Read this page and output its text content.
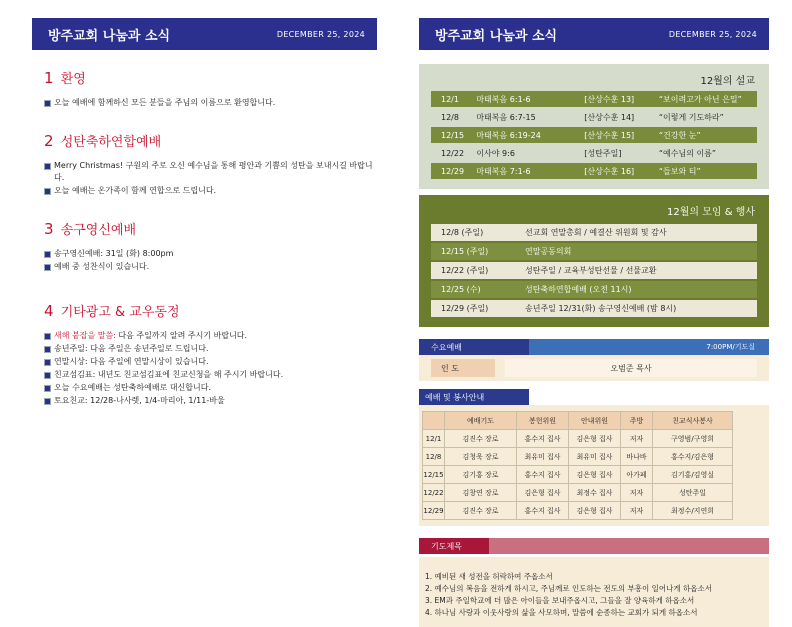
방주교회 나눔과 소식	DECEMBER 25, 2024
1 환영
오늘 예배에 함께하신 모든 분들을 주님의 이름으로 환영합니다.
2 성탄축하연합예배
Merry Christmas! 구원의 주로 오신 예수님을 통해 평안과 기쁨의 성탄을 보내시길 바랍니다.
오늘 예배는 온가족이 함께 연합으로 드립니다.
3 송구영신예배
송구영신예배: 31일 (화) 8:00pm
예배 중 성찬식이 있습니다.
4 기타광고 & 교우동정
새해 붙잡을 말씀: 다음 주일까지 알려 주시기 바랍니다.
송년주일: 다음 주일은 송년주일로 드립니다.
연말시상: 다음 주일에 연말시상이 있습니다.
친교섬김표: 내년도 친교섬김표에 친교신청을 해 주시기 바랍니다.
오늘 수요예배는 성탄축하예배로 대신합니다.
토요친교: 12/28-나사렛, 1/4-마리아, 1/11-바울
방주교회 나눔과 소식	DECEMBER 25, 2024
12월의 설교
12/1	마태복음 6:1-6	[산상수훈 13]	“보이려고가 아닌 은밀”
12/8	마태복음 6:7-15	[산상수훈 14]	“이렇게 기도하라”
12/15	마태복음 6:19-24	[산상수훈 15]	“건강한 눈”
12/22	이사야 9:6	[성탄주일]	“예수님의 이름”
12/29	마태복음 7:1-6	[산상수훈 16]	“들보와 티”
12월의 모임 & 행사
12/8 (주일)	선교회 연말총회 / 예결산 위원회 및 감사
12/15 (주일)	연말공동의회
12/22 (주일)	성탄주일 / 교육부성탄선물 / 선물교환
12/25 (수)	성탄축하연합예배 (오전 11시)
12/29 (주일)	송년주일 12/31(화) 송구영신예배 (밤 8시)
수요예배	7:00PM/기도실
인 도	오범준 목사
예배 및 봉사안내
	예배기도	봉헌위원	안내위원	주방	친교식사봉사
12/1	김진수 장로	홍수지 집사	김은형 집사	저자	구영범/구영희
12/8	김청욱 장로	최유미 집사	최유미 집사	바나바	홍수지/김은형
12/15	김기홍 장로	홍수지 집사	김은형 집사	아가페	김기홍/김영실
12/22	김창연 장로	김은형 집사	최정수 집사	저자	성탄주일
12/29	김진수 장로	홍수지 집사	김은형 집사	저자	최정수/지연희
기도제목
1. 예비된 새 성전을 허락하여 주옵소서
2. 예수님의 복음을 전하게 하시고, 주님께로 인도하는 전도의 부흥이 일어나게 하옵소서
3. EM과 주일학교에 더 많은 아이들을 보내주옵시고, 그들을 잘 양육하게 하옵소서
4. 하나님 사랑과 이웃사랑의 삶을 사모하며, 말씀에 순종하는 교회가 되게 하옵소서
